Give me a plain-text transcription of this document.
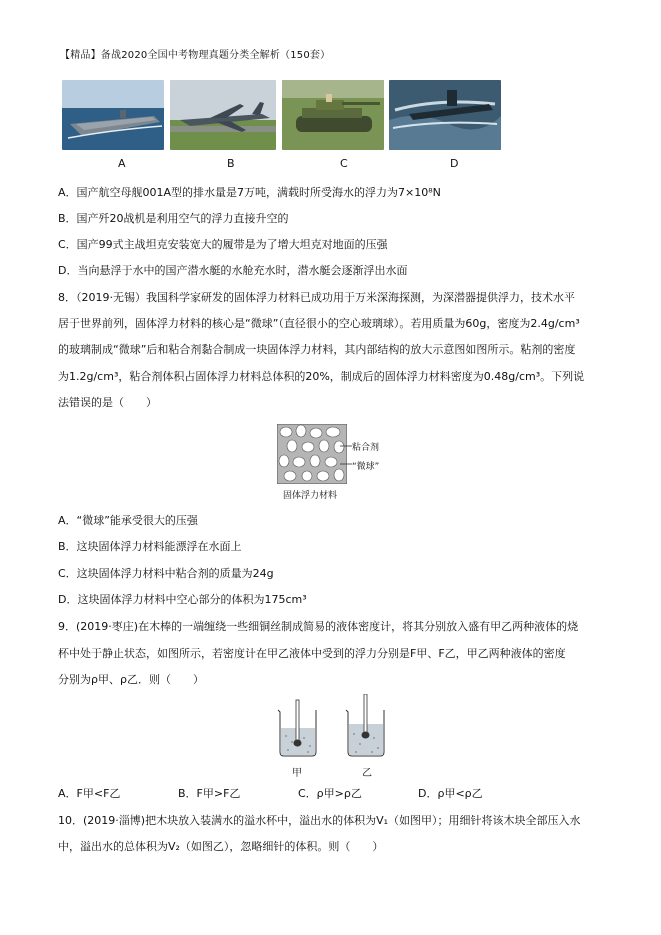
【精品】备战2020全国中考物理真题分类全解析（150套）
A	B	C	D
A．国产航空母舰001A型的排水量是7万吨，满载时所受海水的浮力为7×10⁸N
B．国产歼20战机是利用空气的浮力直接升空的
C．国产99式主战坦克安装宽大的履带是为了增大坦克对地面的压强
D．当向悬浮于水中的国产潜水艇的水舱充水时，潜水艇会逐渐浮出水面
8．（2019·无锡）我国科学家研发的固体浮力材料已成功用于万米深海探测，为深潜器提供浮力，技术水平
居于世界前列，固体浮力材料的核心是“微球”（直径很小的空心玻璃球）。若用质量为60g，密度为2.4g/cm³
的玻璃制成“微球”后和粘合剂黏合制成一块固体浮力材料，其内部结构的放大示意图如图所示。粘剂的密度
为1.2g/cm³，粘合剂体积占固体浮力材料总体积的20%，制成后的固体浮力材料密度为0.48g/cm³。下列说
法错误的是（　　）
粘合剂
“微球”
固体浮力材料
A．“微球”能承受很大的压强
B．这块固体浮力材料能漂浮在水面上
C．这块固体浮力材料中粘合剂的质量为24g
D．这块固体浮力材料中空心部分的体积为175cm³
9．(2019·枣庄)在木棒的一端缠绕一些细铜丝制成简易的液体密度计，将其分别放入盛有甲乙两种液体的烧
杯中处于静止状态，如图所示，若密度计在甲乙液体中受到的浮力分别是F甲、F乙，甲乙两种液体的密度
分别为ρ甲、ρ乙．则（　　）
甲	乙
A．F甲<F乙	B．F甲>F乙	C．ρ甲>ρ乙	D．ρ甲<ρ乙
10．(2019·淄博)把木块放入装满水的溢水杯中，溢出水的体积为V₁（如图甲）；用细针将该木块全部压入水
中，溢出水的总体积为V₂（如图乙），忽略细针的体积。则（　　）
